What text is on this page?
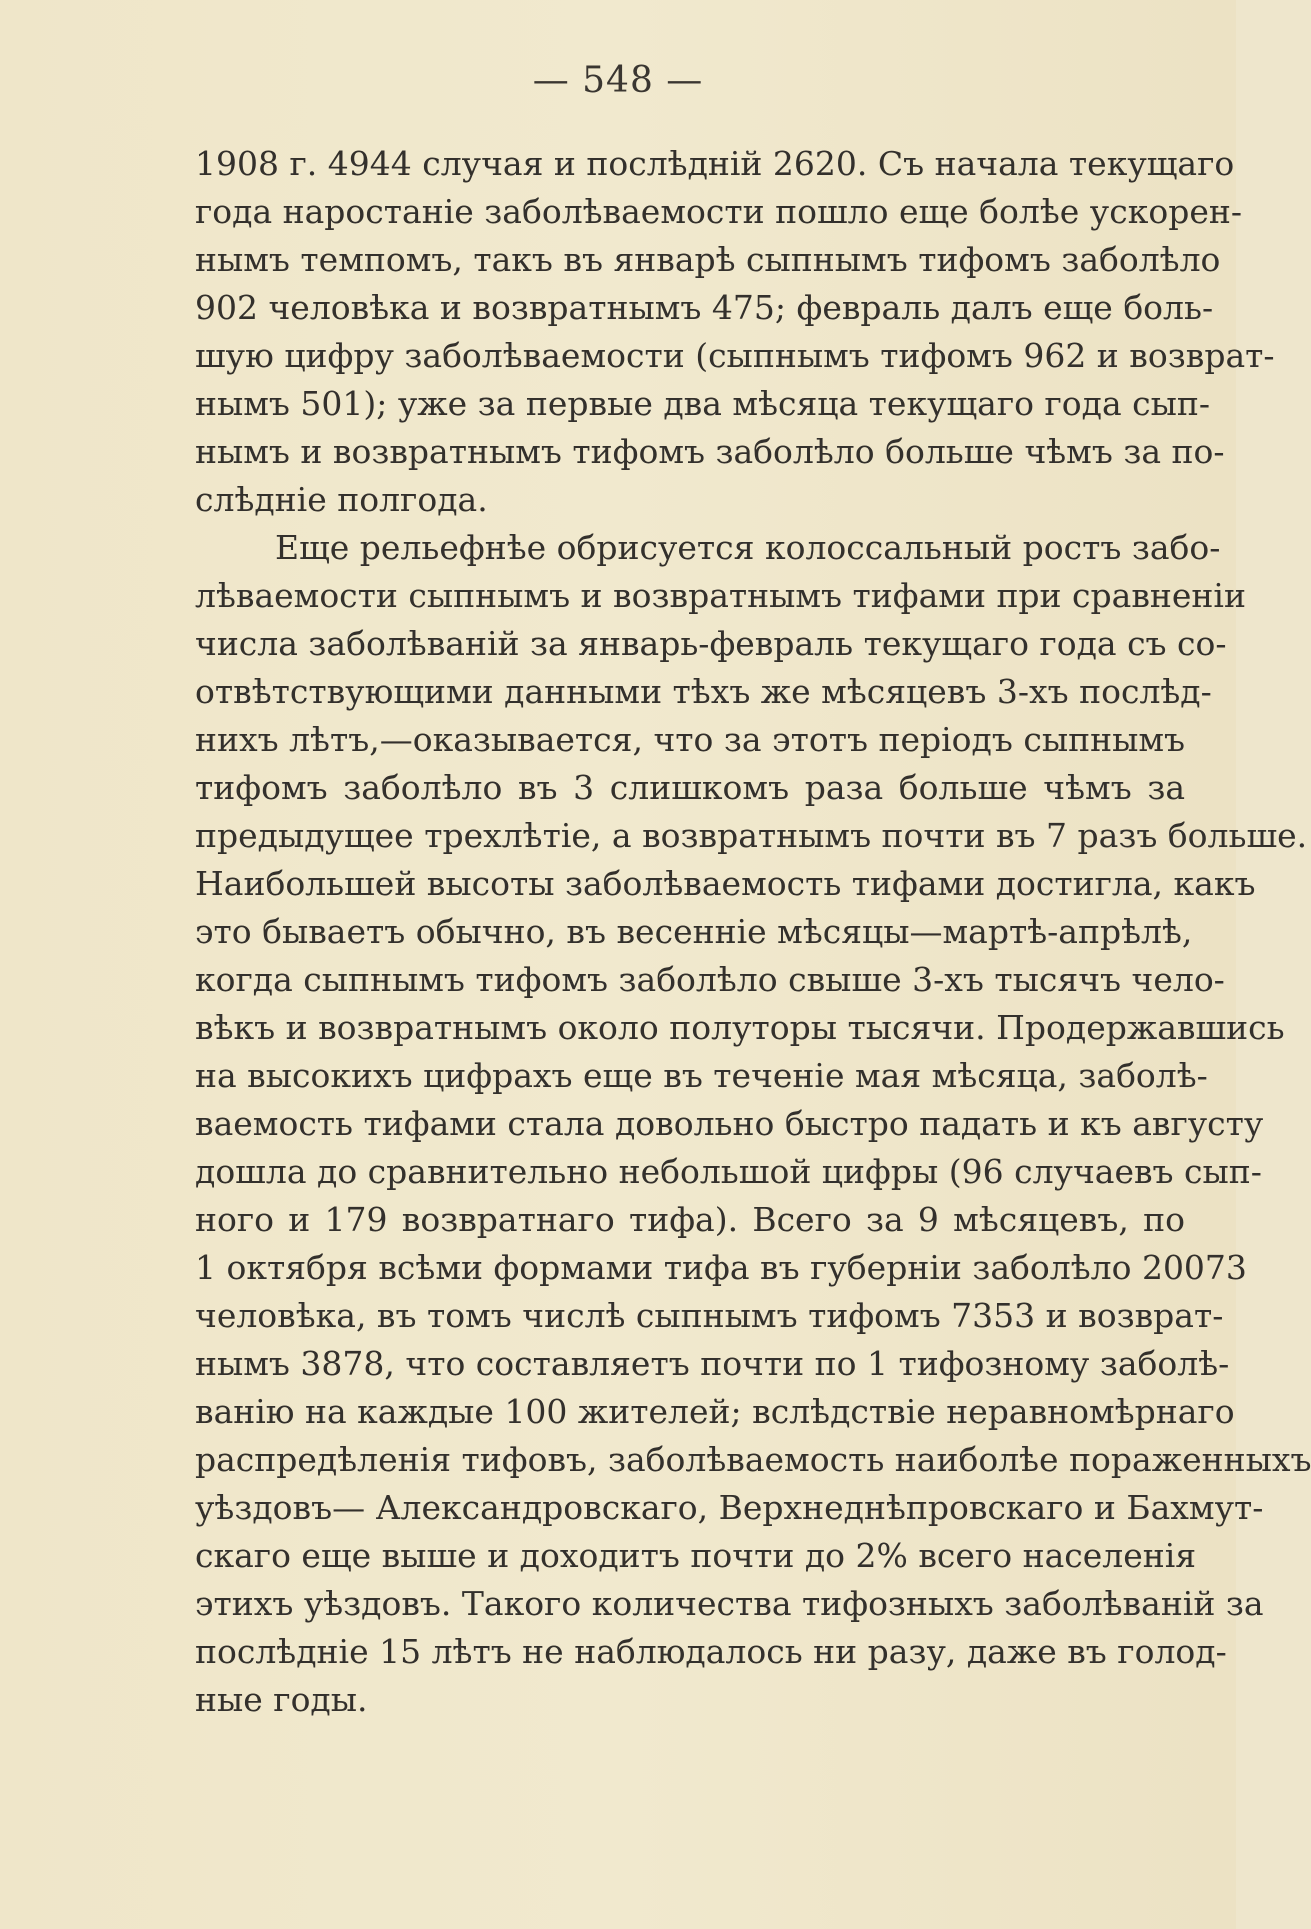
— 548 —
1908 г. 4944 случая и послѣднiй 2620. Съ начала текущаго
года наростанiе заболѣваемости пошло еще болѣе ускорен-
нымъ темпомъ, такъ въ январѣ сыпнымъ тифомъ заболѣло
902 человѣка и возвратнымъ 475; февраль далъ еще боль-
шую цифру заболѣваемости (сыпнымъ тифомъ 962 и возврат-
нымъ 501); уже за первые два мѣсяца текущаго года сып-
нымъ и возвратнымъ тифомъ заболѣло больше чѣмъ за по-
слѣднiе полгода.
Еще рельефнѣе обрисуется колоссальный ростъ забо-
лѣваемости сыпнымъ и возвратнымъ тифами при сравненiи
числа заболѣванiй за январь-февраль текущаго года съ со-
отвѣтствующими данными тѣхъ же мѣсяцевъ 3-хъ послѣд-
нихъ лѣтъ,—оказывается, что за этотъ перiодъ сыпнымъ
тифомъ заболѣло въ 3 слишкомъ раза больше чѣмъ за
предыдущее трехлѣтiе, а возвратнымъ почти въ 7 разъ больше.
Наибольшей высоты заболѣваемость тифами достигла, какъ
это бываетъ обычно, въ весеннiе мѣсяцы—мартѣ-апрѣлѣ,
когда сыпнымъ тифомъ заболѣло свыше 3-хъ тысячъ чело-
вѣкъ и возвратнымъ около полуторы тысячи. Продержавшись
на высокихъ цифрахъ еще въ теченiе мая мѣсяца, заболѣ-
ваемость тифами стала довольно быстро падать и къ августу
дошла до сравнительно небольшой цифры (96 случаевъ сып-
ного и 179 возвратнаго тифа). Всего за 9 мѣсяцевъ, по
1 октября всѣми формами тифа въ губернiи заболѣло 20073
человѣка, въ томъ числѣ сыпнымъ тифомъ 7353 и возврат-
нымъ 3878, что составляетъ почти по 1 тифозному заболѣ-
ванiю на каждые 100 жителей; вслѣдствiе неравномѣрнаго
распредѣленiя тифовъ, заболѣваемость наиболѣе пораженныхъ
уѣздовъ— Александровскаго, Верхнеднѣпровскаго и Бахмут-
скаго еще выше и доходитъ почти до 2% всего населенiя
этихъ уѣздовъ. Такого количества тифозныхъ заболѣванiй за
послѣднiе 15 лѣтъ не наблюдалось ни разу, даже въ голод-
ные годы.
